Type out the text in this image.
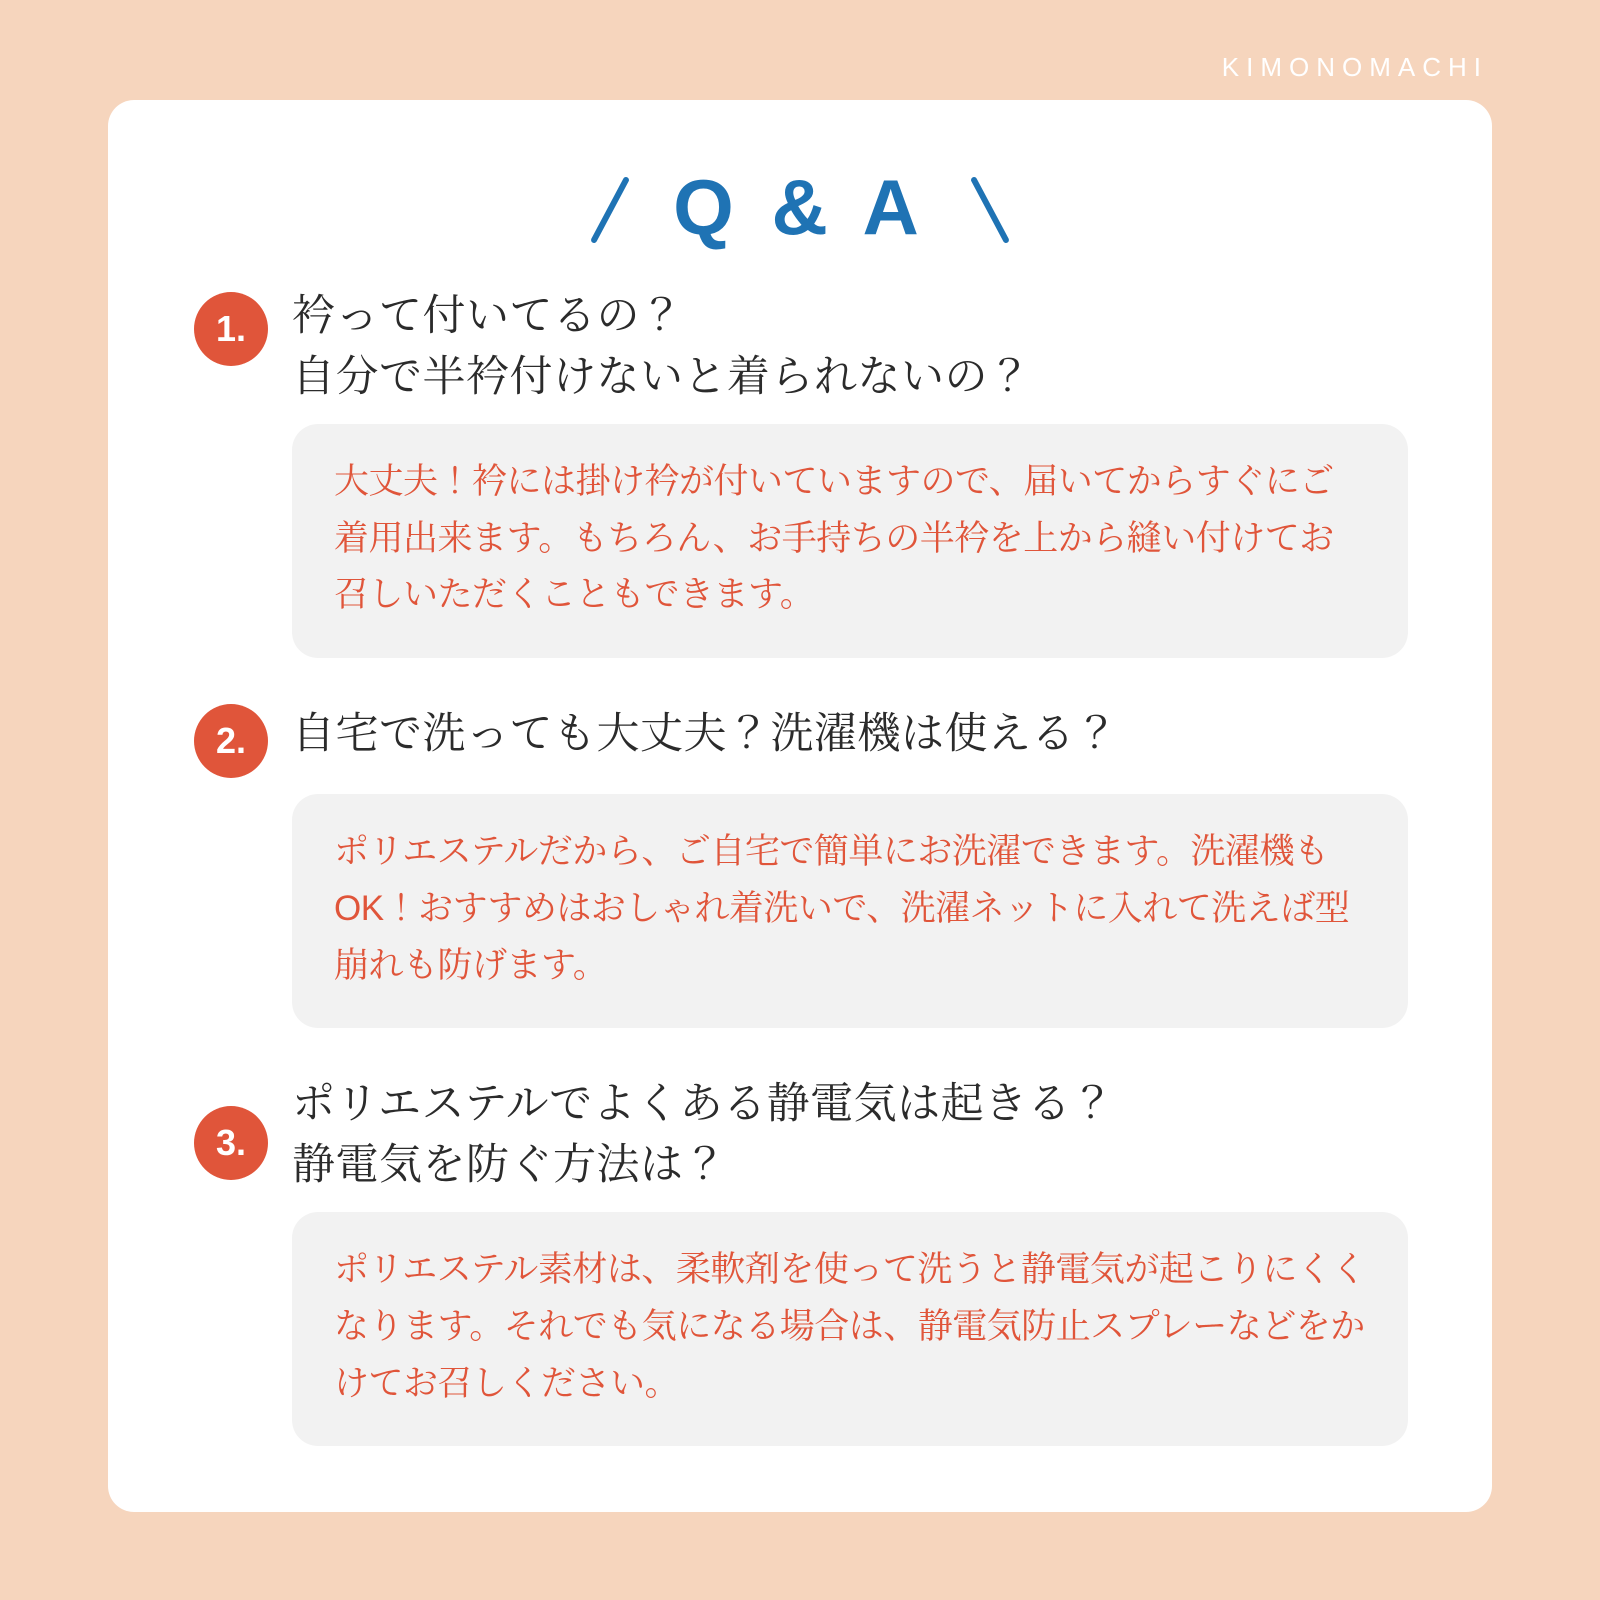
KIMONOMACHI
Q & A
1.	衿って付いてるの？
自分で半衿付けないと着られないの？
大丈夫！衿には掛け衿が付いていますので、届いてからすぐにご着用出来ます。もちろん、お手持ちの半衿を上から縫い付けてお召しいただくこともできます。
2.	自宅で洗っても大丈夫？洗濯機は使える？
ポリエステルだから、ご自宅で簡単にお洗濯できます。洗濯機もOK！おすすめはおしゃれ着洗いで、洗濯ネットに入れて洗えば型崩れも防げます。
3.
ポリエステルでよくある静電気は起きる？
静電気を防ぐ方法は？
ポリエステル素材は、柔軟剤を使って洗うと静電気が起こりにくくなります。それでも気になる場合は、静電気防止スプレーなどをかけてお召しください。
